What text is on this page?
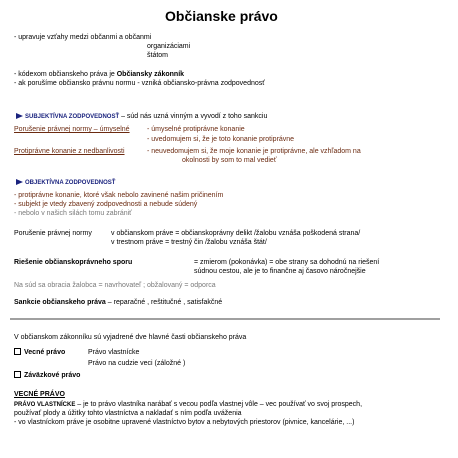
Občianske právo
- upravuje vzťahy medzi občanmi a občanmi
organizáciami
štátom
- kódexom občianskeho práva je Občiansky zákonník
- ak porušíme občiansko právnu normu - vzniká občiansko-právna zodpovednosť
SUBJEKTÍVNA ZODPOVEDNOSŤ – súd nás uzná vinným a vyvodí z toho sankciu
Porušenie právnej normy – úmyselné - úmyselné protiprávne konanie
- uvedomujem si, že je toto konanie protiprávne
Protiprávne konanie z nedbanlivosti	- neuvedomujem si, že moje konanie je protiprávne, ale vzhľadom na
okolnosti by som to mal vedieť
OBJEKTÍVNA ZODPOVEDNOSŤ
- protiprávne konanie, ktoré však nebolo zavinené našim pričinením
- subjekt je vtedy zbavený zodpovednosti a nebude súdený
- nebolo v našich silách tomu zabrániť
Porušenie právnej normy	v občianskom práve = občianskoprávny delikt /žalobu vznáša poškodená strana/
v trestnom práve = trestný čin /žalobu vznáša štát/
Riešenie občianskoprávneho sporu	= zmierom (pokonávka) = obe strany sa dohodnú na riešení
súdnou cestou, ale je to finančne aj časovo náročnejšie
Na súd sa obracia žalobca = navrhovateľ ; obžalovaný = odporca
Sankcie občianskeho práva – reparačné , reštitučné , satisfakčné
V občianskom zákonníku sú vyjadrené dve hlavné časti občianskeho práva
Vecné právo	Právo vlastnícke
Právo na cudzie veci (záložné )
Záväzkové právo
VECNÉ PRÁVO
PRÁVO VLASTNÍCKE – je to právo vlastníka narábať s vecou podľa vlastnej vôle – vec používať vo svoj prospech,
používať plody a úžitky tohto vlastníctva a nakladať s ním podľa uváženia
- vo vlastníckom práve je osobitne upravené vlastníctvo bytov a nebytových priestorov (pivnice, kancelárie, ...)
